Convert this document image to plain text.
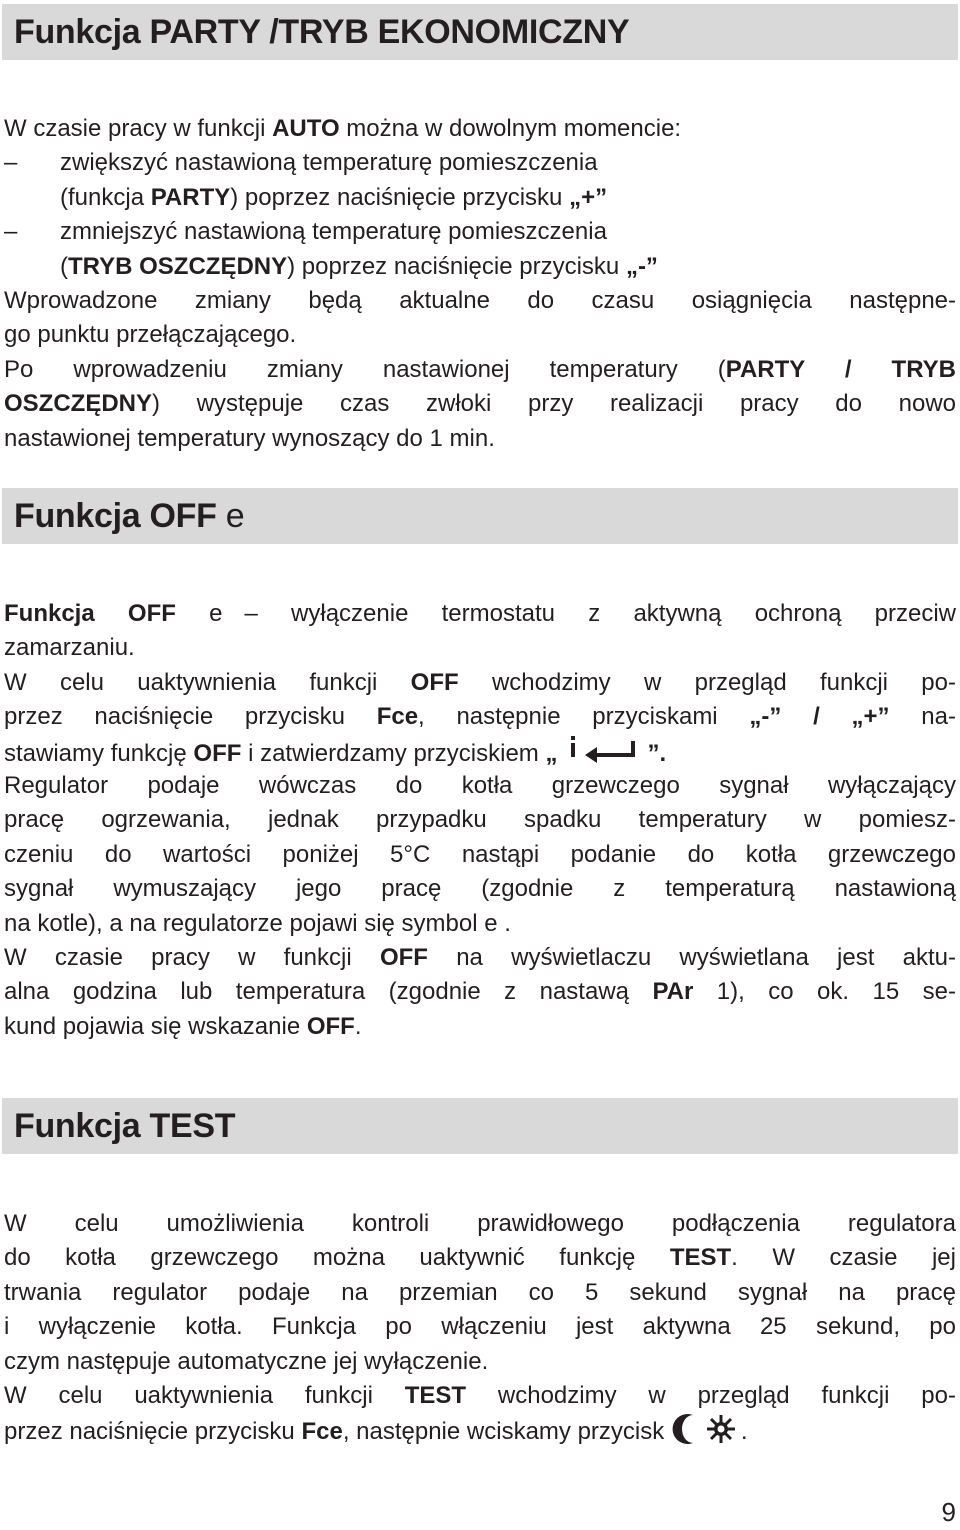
Funkcja PARTY /TRYB EKONOMICZNY
W czasie pracy w funkcji AUTO można w dowolnym momencie:
– zwiększyć nastawioną temperaturę pomieszczenia
(funkcja PARTY) poprzez naciśnięcie przycisku „+”
– zmniejszyć nastawioną temperaturę pomieszczenia
(TRYB OSZCZĘDNY) poprzez naciśnięcie przycisku „-”
Wprowadzone zmiany będą aktualne do czasu osiągnięcia następne-
go punktu przełączającego.
Po wprowadzeniu zmiany nastawionej temperatury (PARTY / TRYB
OSZCZĘDNY) występuje czas zwłoki przy realizacji pracy do nowo
nastawionej temperatury wynoszący do 1 min.
Funkcja OFF e
Funkcja OFF e – wyłączenie termostatu z aktywną ochroną przeciw
zamarzaniu.
W celu uaktywnienia funkcji OFF wchodzimy w przegląd funkcji po-
przez naciśnięcie przycisku Fce, następnie przyciskami „-” / „+” na-
stawiamy funkcję OFF i zatwierdzamy przyciskiem „	”.
Regulator podaje wówczas do kotła grzewczego sygnał wyłączający
pracę ogrzewania, jednak przypadku spadku temperatury w pomiesz-
czeniu do wartości poniżej 5°C nastąpi podanie do kotła grzewczego
sygnał wymuszający jego pracę (zgodnie z temperaturą nastawioną
na kotle), a na regulatorze pojawi się symbol e .
W czasie pracy w funkcji OFF na wyświetlaczu wyświetlana jest aktu-
alna godzina lub temperatura (zgodnie z nastawą PAr 1), co ok. 15 se-
kund pojawia się wskazanie OFF.
Funkcja TEST
W celu umożliwienia kontroli prawidłowego podłączenia regulatora
do kotła grzewczego można uaktywnić funkcję TEST. W czasie jej
trwania regulator podaje na przemian co 5 sekund sygnał na pracę
i wyłączenie kotła. Funkcja po włączeniu jest aktywna 25 sekund, po
czym następuje automatyczne jej wyłączenie.
W celu uaktywnienia funkcji TEST wchodzimy w przegląd funkcji po-
przez naciśnięcie przycisku Fce, następnie wciskamy przycisk	.
9
